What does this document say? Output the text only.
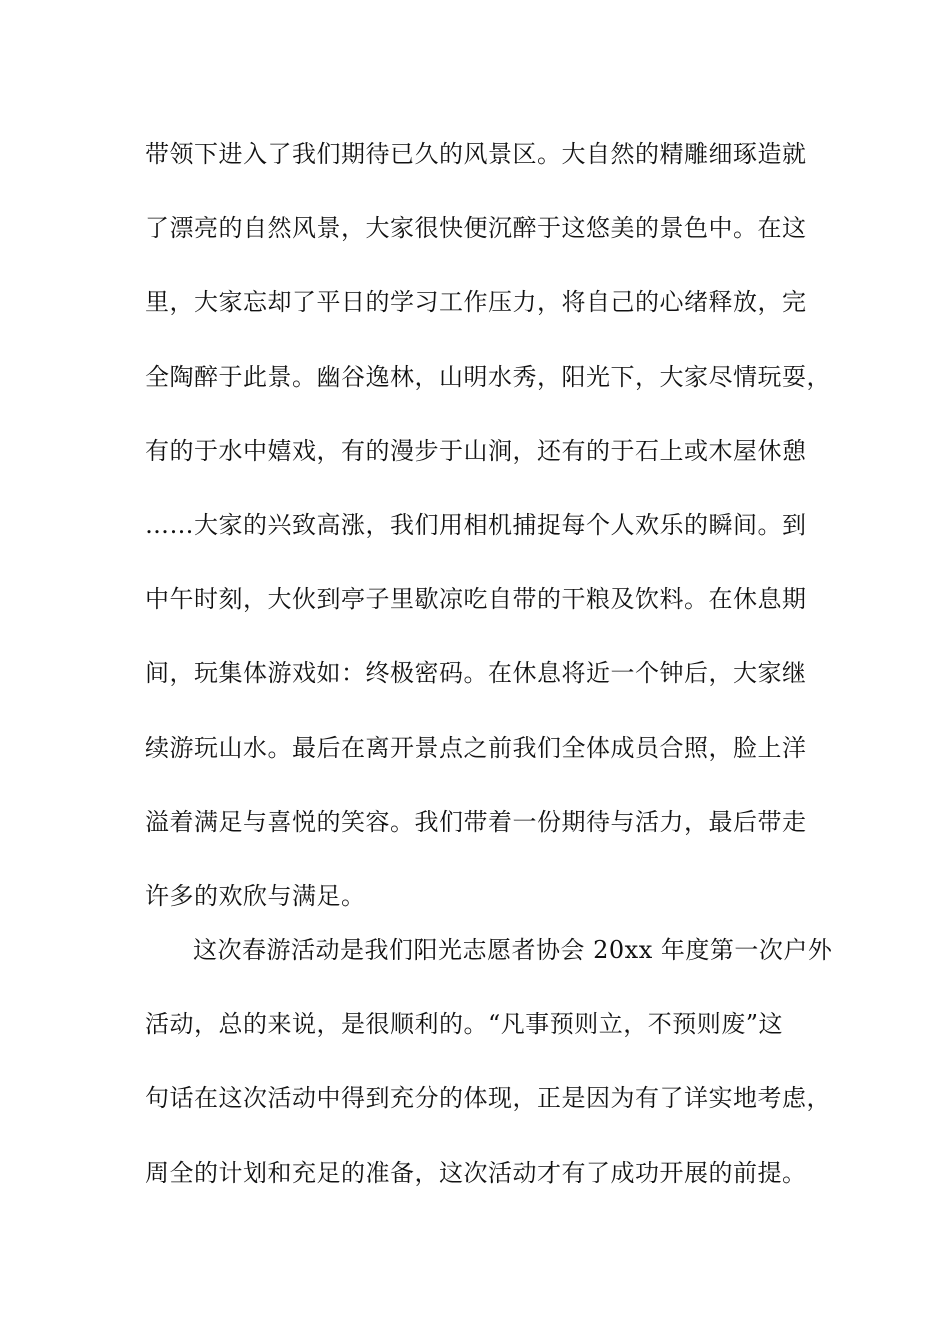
带领下进入了我们期待已久的风景区。大自然的精雕细琢造就
了漂亮的自然风景，大家很快便沉醉于这悠美的景色中。在这
里，大家忘却了平日的学习工作压力，将自己的心绪释放，完
全陶醉于此景。幽谷逸林，山明水秀，阳光下，大家尽情玩耍，
有的于水中嬉戏，有的漫步于山涧，还有的于石上或木屋休憩
……大家的兴致高涨，我们用相机捕捉每个人欢乐的瞬间。到
中午时刻，大伙到亭子里歇凉吃自带的干粮及饮料。在休息期
间，玩集体游戏如：终极密码。在休息将近一个钟后，大家继
续游玩山水。最后在离开景点之前我们全体成员合照，脸上洋
溢着满足与喜悦的笑容。我们带着一份期待与活力，最后带走
许多的欢欣与满足。
这次春游活动是我们阳光志愿者协会 20xx 年度第一次户外
活动，总的来说，是很顺利的。“凡事预则立，不预则废”这
句话在这次活动中得到充分的体现，正是因为有了详实地考虑，
周全的计划和充足的准备，这次活动才有了成功开展的前提。
